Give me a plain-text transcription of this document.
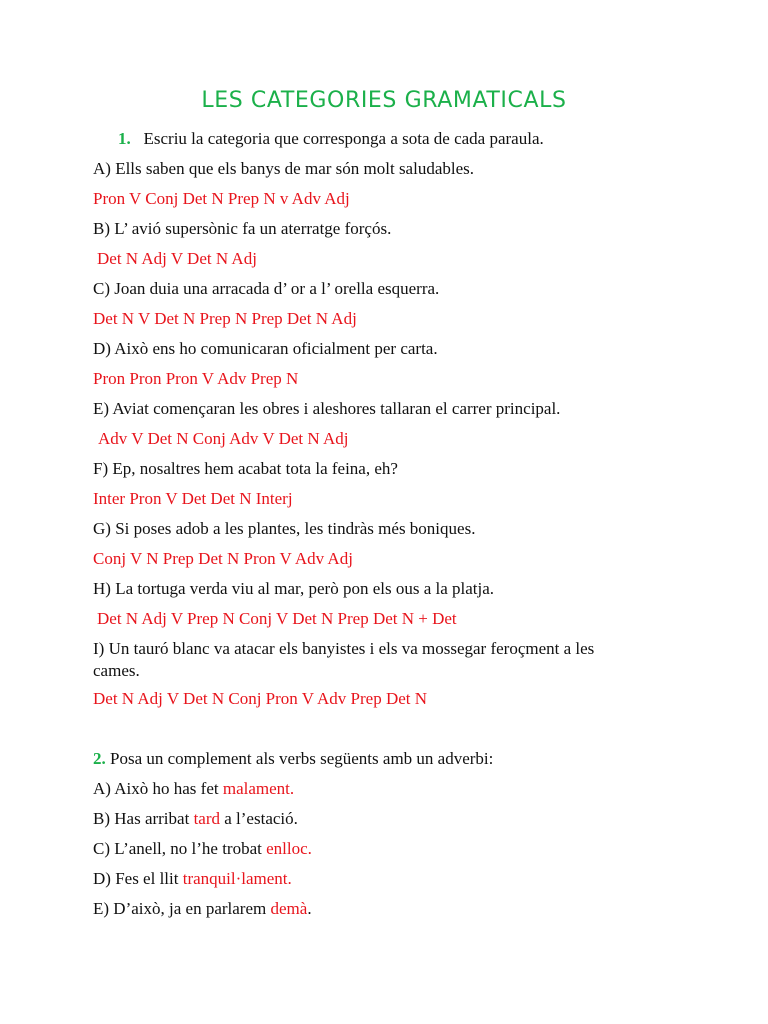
LES CATEGORIES GRAMATICALS

1. Escriu la categoria que corresponga a sota de cada paraula.

A) Ells saben que els banys de mar són molt saludables.

Pron V Conj Det N Prep N v Adv Adj

B) L’ avió supersònic fa un aterratge forçós.

Det N Adj V Det N Adj

C) Joan duia una arracada d’ or a l’ orella esquerra.

Det N V Det N Prep N Prep Det N Adj

D) Això ens ho comunicaran oficialment per carta.

Pron Pron Pron V Adv Prep N

E) Aviat començaran les obres i aleshores tallaran el carrer principal.

Adv V Det N Conj Adv V Det N Adj

F) Ep, nosaltres hem acabat tota la feina, eh?

Inter Pron V Det Det N Interj

G) Si poses adob a les plantes, les tindràs més boniques.

Conj V N Prep Det N Pron V Adv Adj

H) La tortuga verda viu al mar, però pon els ous a la platja.

Det N Adj V Prep N Conj V Det N Prep Det N + Det

I) Un tauró blanc va atacar els banyistes i els va mossegar feroçment a les cames.

Det N Adj V Det N Conj Pron V Adv Prep Det N

2. Posa un complement als verbs següents amb un adverbi:

A) Això ho has fet malament.

B) Has arribat tard a l’estació.

C) L’anell, no l’he trobat enlloc.

D) Fes el llit tranquil·lament.

E) D’això, ja en parlarem demà.
